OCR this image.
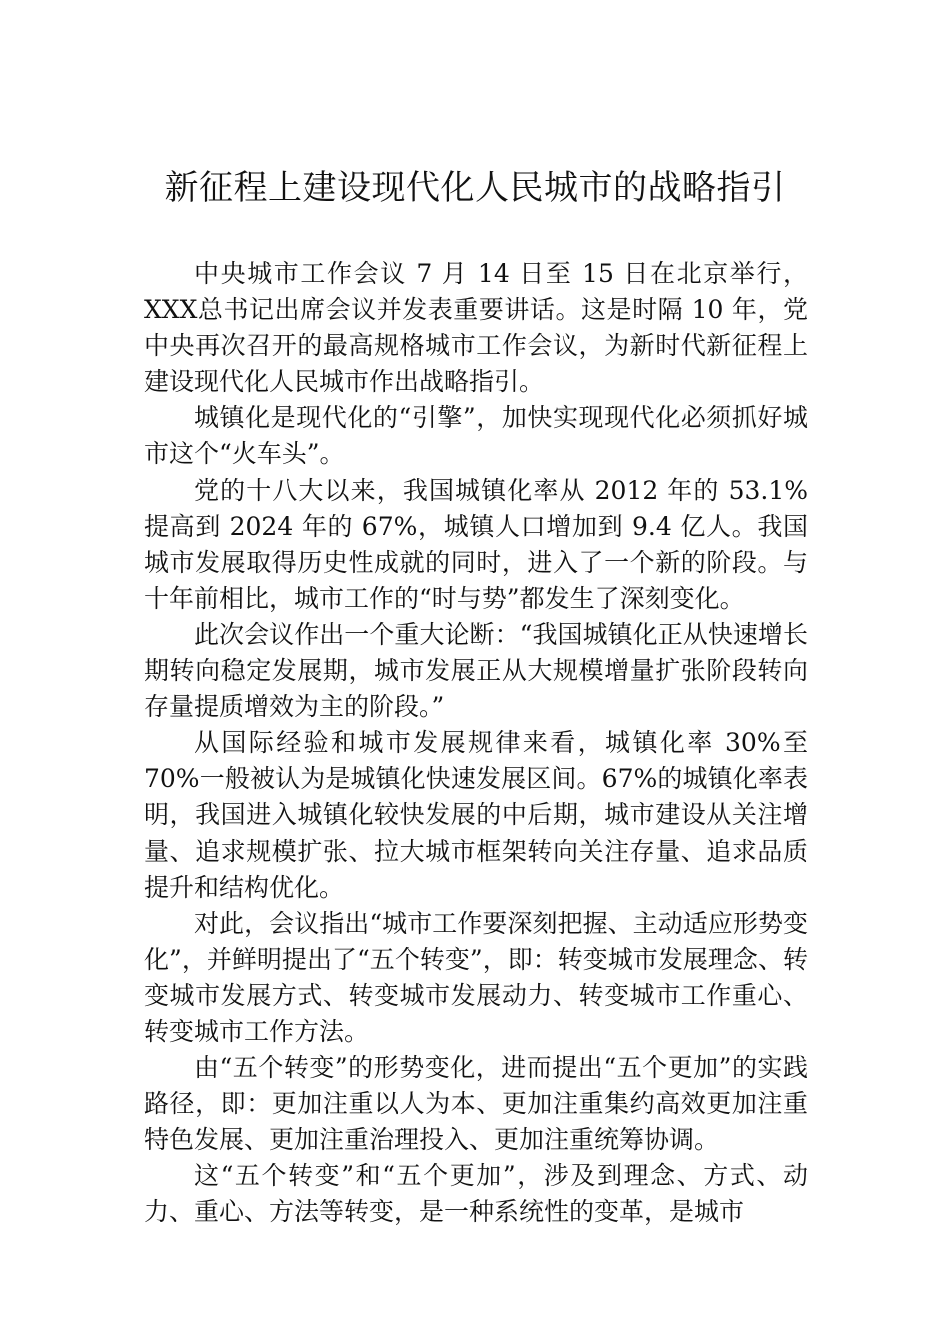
新征程上建设现代化人民城市的战略指引

中央城市工作会议 7 月 14 日至 15 日在北京举行，XXX总书记出席会议并发表重要讲话。这是时隔 10 年，党中央再次召开的最高规格城市工作会议，为新时代新征程上建设现代化人民城市作出战略指引。

城镇化是现代化的“引擎”，加快实现现代化必须抓好城市这个“火车头”。

党的十八大以来，我国城镇化率从 2012 年的 53.1%提高到 2024 年的 67%，城镇人口增加到 9.4 亿人。我国城市发展取得历史性成就的同时，进入了一个新的阶段。与十年前相比，城市工作的“时与势”都发生了深刻变化。

此次会议作出一个重大论断：“我国城镇化正从快速增长期转向稳定发展期，城市发展正从大规模增量扩张阶段转向存量提质增效为主的阶段。”

从国际经验和城市发展规律来看，城镇化率 30%至70%一般被认为是城镇化快速发展区间。67%的城镇化率表明，我国进入城镇化较快发展的中后期，城市建设从关注增量、追求规模扩张、拉大城市框架转向关注存量、追求品质提升和结构优化。

对此，会议指出“城市工作要深刻把握、主动适应形势变化”，并鲜明提出了“五个转变”，即：转变城市发展理念、转变城市发展方式、转变城市发展动力、转变城市工作重心、转变城市工作方法。

由“五个转变”的形势变化，进而提出“五个更加”的实践路径，即：更加注重以人为本、更加注重集约高效更加注重特色发展、更加注重治理投入、更加注重统筹协调。

这“五个转变”和“五个更加”，涉及到理念、方式、动力、重心、方法等转变，是一种系统性的变革，是城市
